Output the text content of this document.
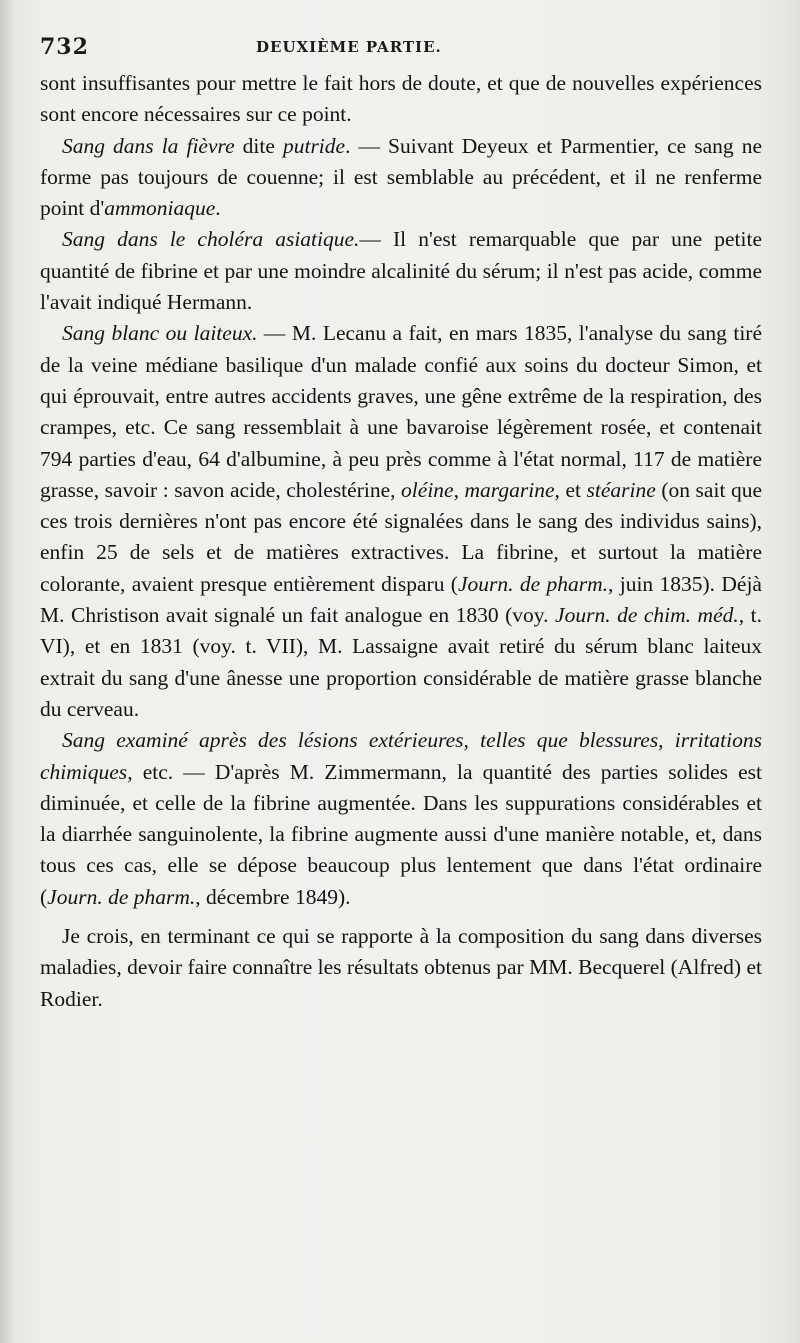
732	DEUXIÈME PARTIE.

sont insuffisantes pour mettre le fait hors de doute, et que de nouvelles expériences sont encore nécessaires sur ce point.

Sang dans la fièvre dite putride. — Suivant Deyeux et Parmentier, ce sang ne forme pas toujours de couenne; il est semblable au précédent, et il ne renferme point d'ammoniaque.

Sang dans le choléra asiatique.— Il n'est remarquable que par une petite quantité de fibrine et par une moindre alcalinité du sérum; il n'est pas acide, comme l'avait indiqué Hermann.

Sang blanc ou laiteux. — M. Lecanu a fait, en mars 1835, l'analyse du sang tiré de la veine médiane basilique d'un malade confié aux soins du docteur Simon, et qui éprouvait, entre autres accidents graves, une gêne extrême de la respiration, des crampes, etc. Ce sang ressemblait à une bavaroise légèrement rosée, et contenait 794 parties d'eau, 64 d'albumine, à peu près comme à l'état normal, 117 de matière grasse, savoir : savon acide, cholestérine, oléine, margarine, et stéarine (on sait que ces trois dernières n'ont pas encore été signalées dans le sang des individus sains), enfin 25 de sels et de matières extractives. La fibrine, et surtout la matière colorante, avaient presque entièrement disparu (Journ. de pharm., juin 1835). Déjà M. Christison avait signalé un fait analogue en 1830 (voy. Journ. de chim. méd., t. VI), et en 1831 (voy. t. VII), M. Lassaigne avait retiré du sérum blanc laiteux extrait du sang d'une ânesse une proportion considérable de matière grasse blanche du cerveau.

Sang examiné après des lésions extérieures, telles que blessures, irritations chimiques, etc. — D'après M. Zimmermann, la quantité des parties solides est diminuée, et celle de la fibrine augmentée. Dans les suppurations considérables et la diarrhée sanguinolente, la fibrine augmente aussi d'une manière notable, et, dans tous ces cas, elle se dépose beaucoup plus lentement que dans l'état ordinaire (Journ. de pharm., décembre 1849).

Je crois, en terminant ce qui se rapporte à la composition du sang dans diverses maladies, devoir faire connaître les résultats obtenus par MM. Becquerel (Alfred) et Rodier.
